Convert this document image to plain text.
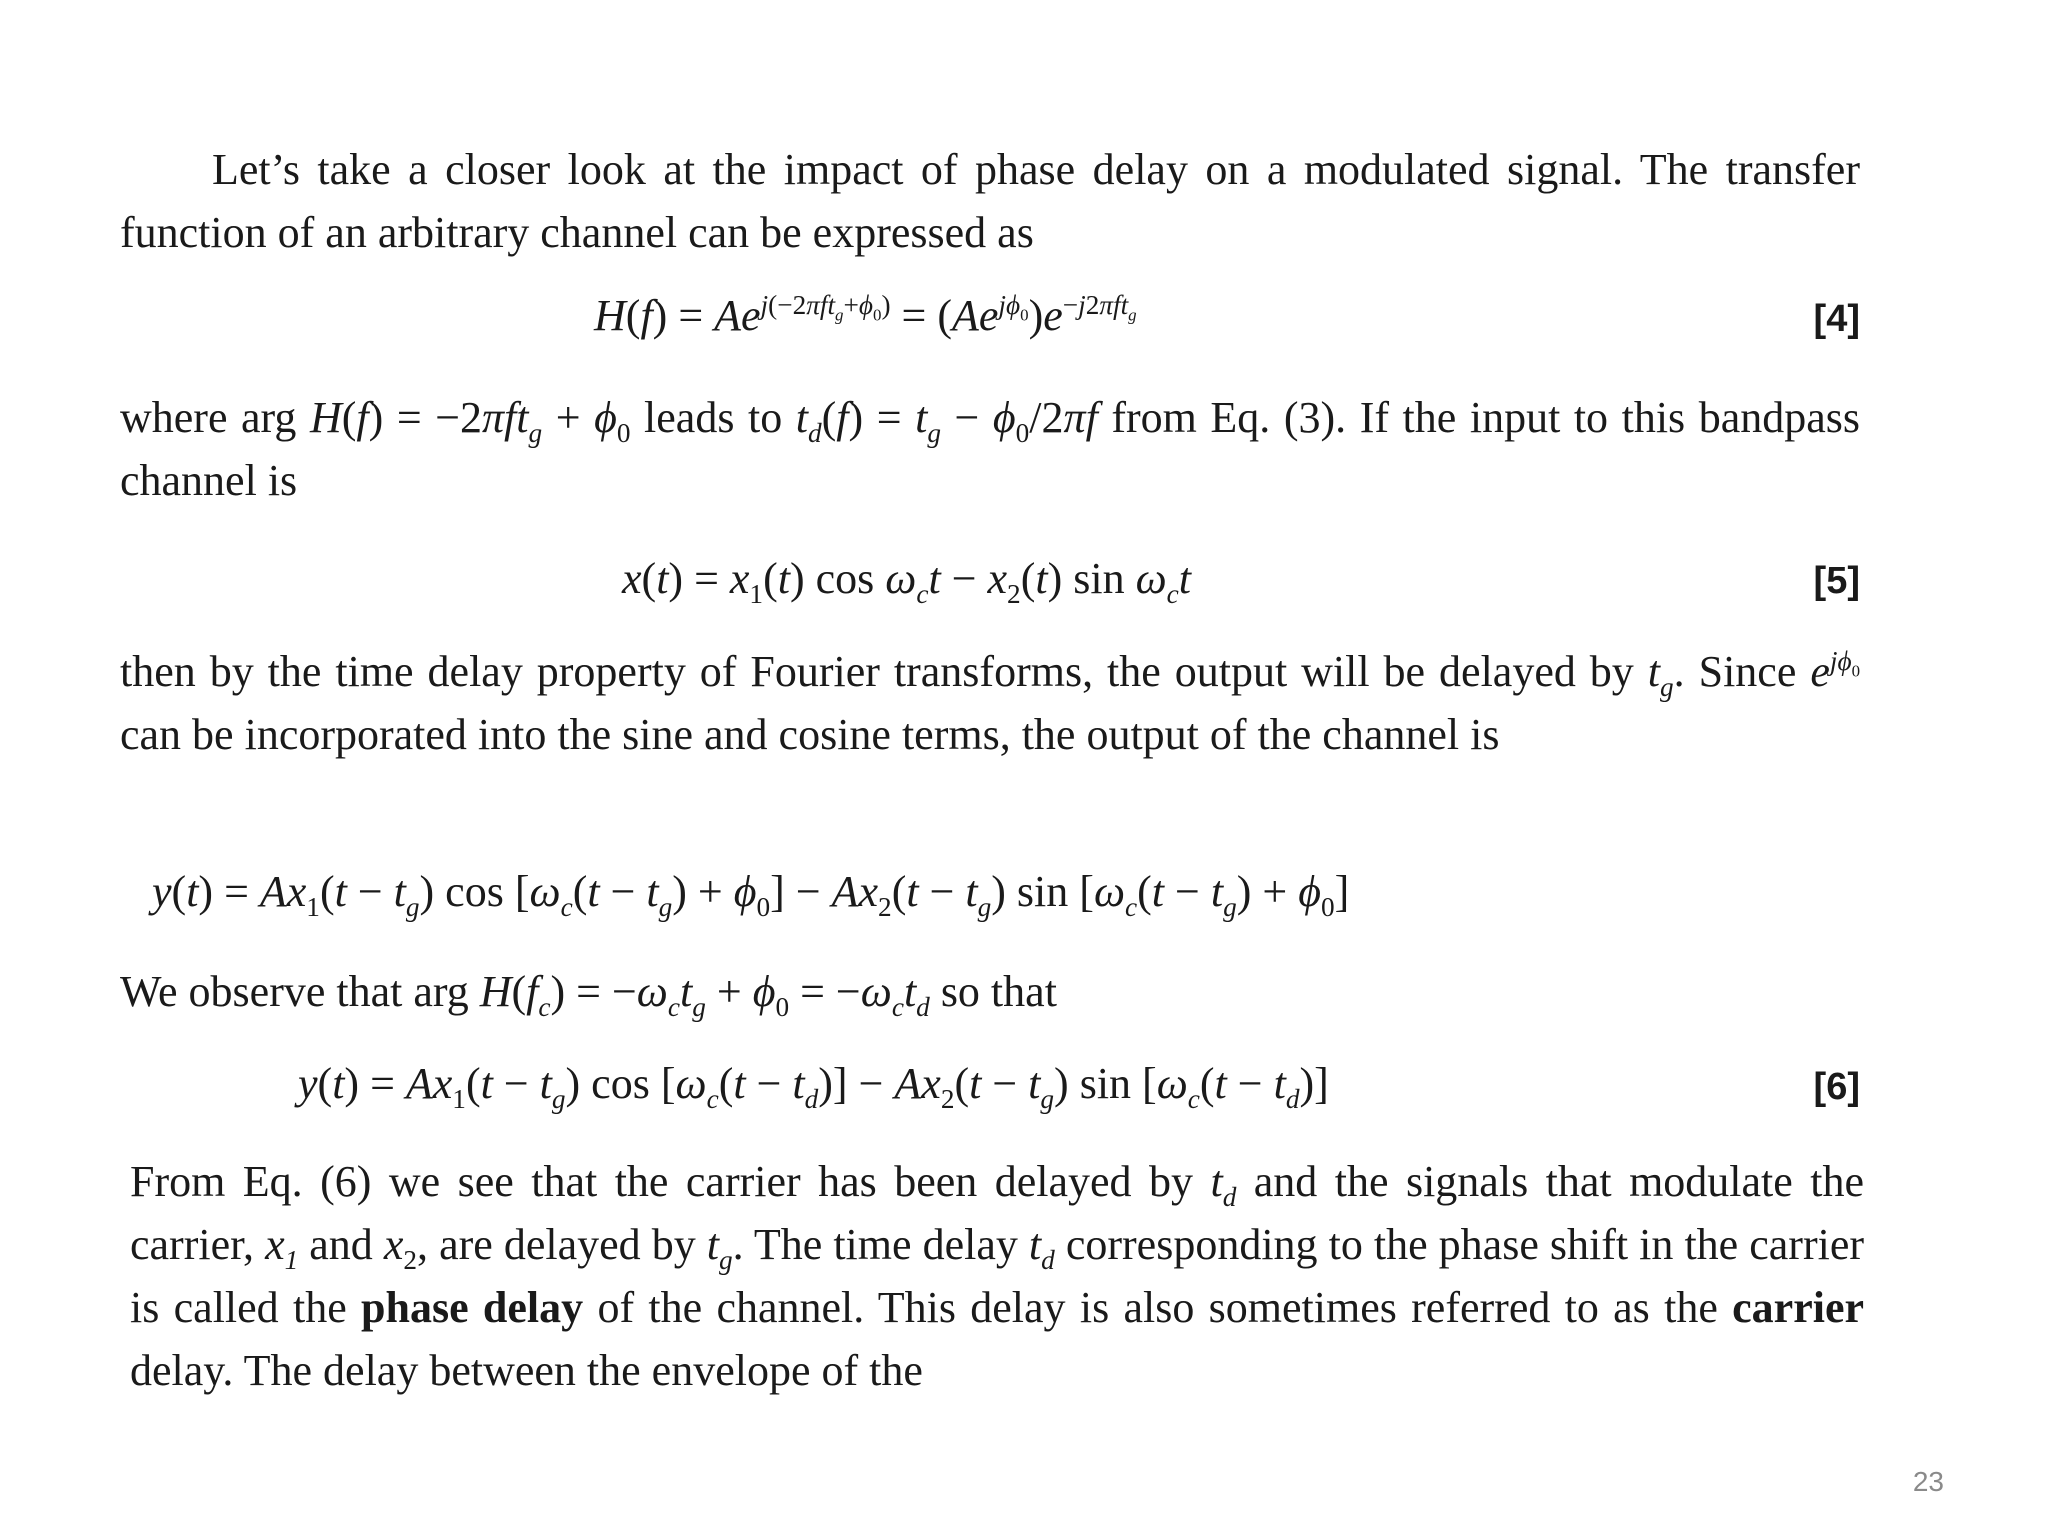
Let’s take a closer look at the impact of phase delay on a modulated signal. The transfer function of an arbitrary channel can be expressed as

$H(f) = Ae^{j(-2\pi ft_g+\phi_0)} = (Ae^{j\phi_0})e^{-j2\pi ft_g}$	[4]

where arg $H(f) = -2\pi ft_g + \phi_0$ leads to $t_d(f) = t_g - \phi_0/2\pi f$ from Eq. (3). If the input to this bandpass channel is

$x(t) = x_1(t)$ $\cos \omega_ct - x_2(t)$ $\sin \omega_ct$	[5]

then by the time delay property of Fourier transforms, the output will be delayed by $t_g$. Since $e^{j\phi_0}$ can be incorporated into the sine and cosine terms, the output of the channel is

$y(t) = Ax_1(t - t_g)$ $\cos [\omega_c(t - t_g) + \phi_0] - Ax_2(t - t_g)$ $\sin [\omega_c(t - t_g) + \phi_0]$

We observe that arg $H(f_c) = -\omega_ct_g + \phi_0 = -\omega_ct_d$ so that

$y(t) = Ax_1(t - t_g)$ $\cos [\omega_c(t - t_d)] - Ax_2(t - t_g)$ $\sin [\omega_c(t - t_d)]$	[6]

From Eq. (6) we see that the carrier has been delayed by $t_d$ and the signals that modulate the carrier, $x_1$ and $x_2$, are delayed by $t_g$. The time delay $t_d$ corresponding to the phase shift in the carrier is called the phase delay of the channel. This delay is also sometimes referred to as the carrier delay. The delay between the envelope of the

23
